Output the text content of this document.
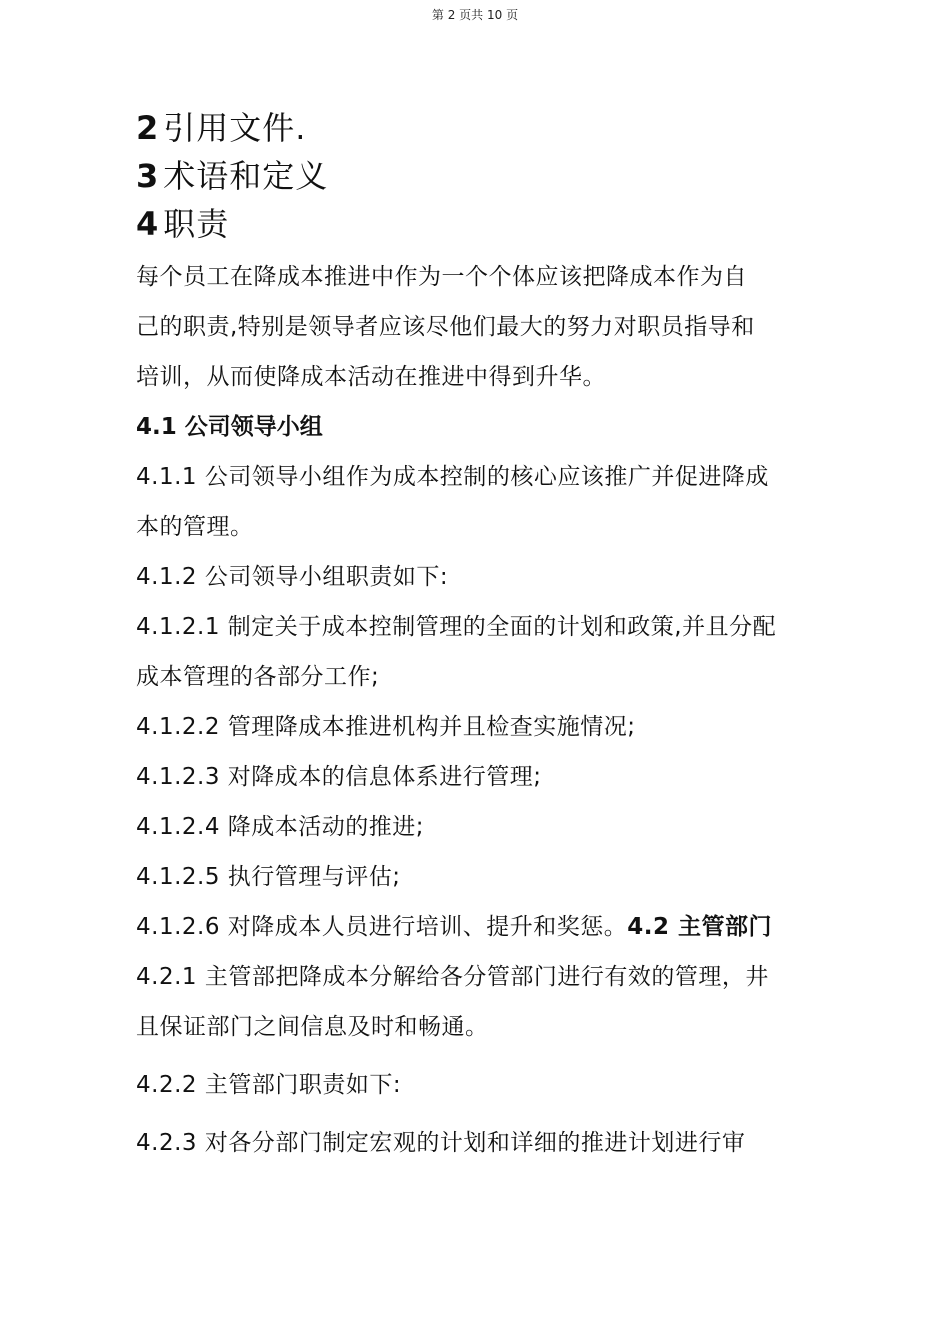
第 2 页共 10 页
2 引用文件.
3 术语和定义
4 职责
每个员工在降成本推进中作为一个个体应该把降成本作为自
己的职责,特别是领导者应该尽他们最大的努力对职员指导和
培训，从而使降成本活动在推进中得到升华。
4.1 公司领导小组
4.1.1 公司领导小组作为成本控制的核心应该推广并促进降成
本的管理。
4.1.2 公司领导小组职责如下:
4.1.2.1 制定关于成本控制管理的全面的计划和政策,并且分配
成本管理的各部分工作;
4.1.2.2 管理降成本推进机构并且检查实施情况;
4.1.2.3 对降成本的信息体系进行管理;
4.1.2.4 降成本活动的推进;
4.1.2.5 执行管理与评估;
4.1.2.6 对降成本人员进行培训、提升和奖惩。4.2 主管部门
4.2.1 主管部把降成本分解给各分管部门进行有效的管理，井
且保证部门之间信息及时和畅通。
4.2.2 主管部门职责如下:
4.2.3 对各分部门制定宏观的计划和详细的推进计划进行审
